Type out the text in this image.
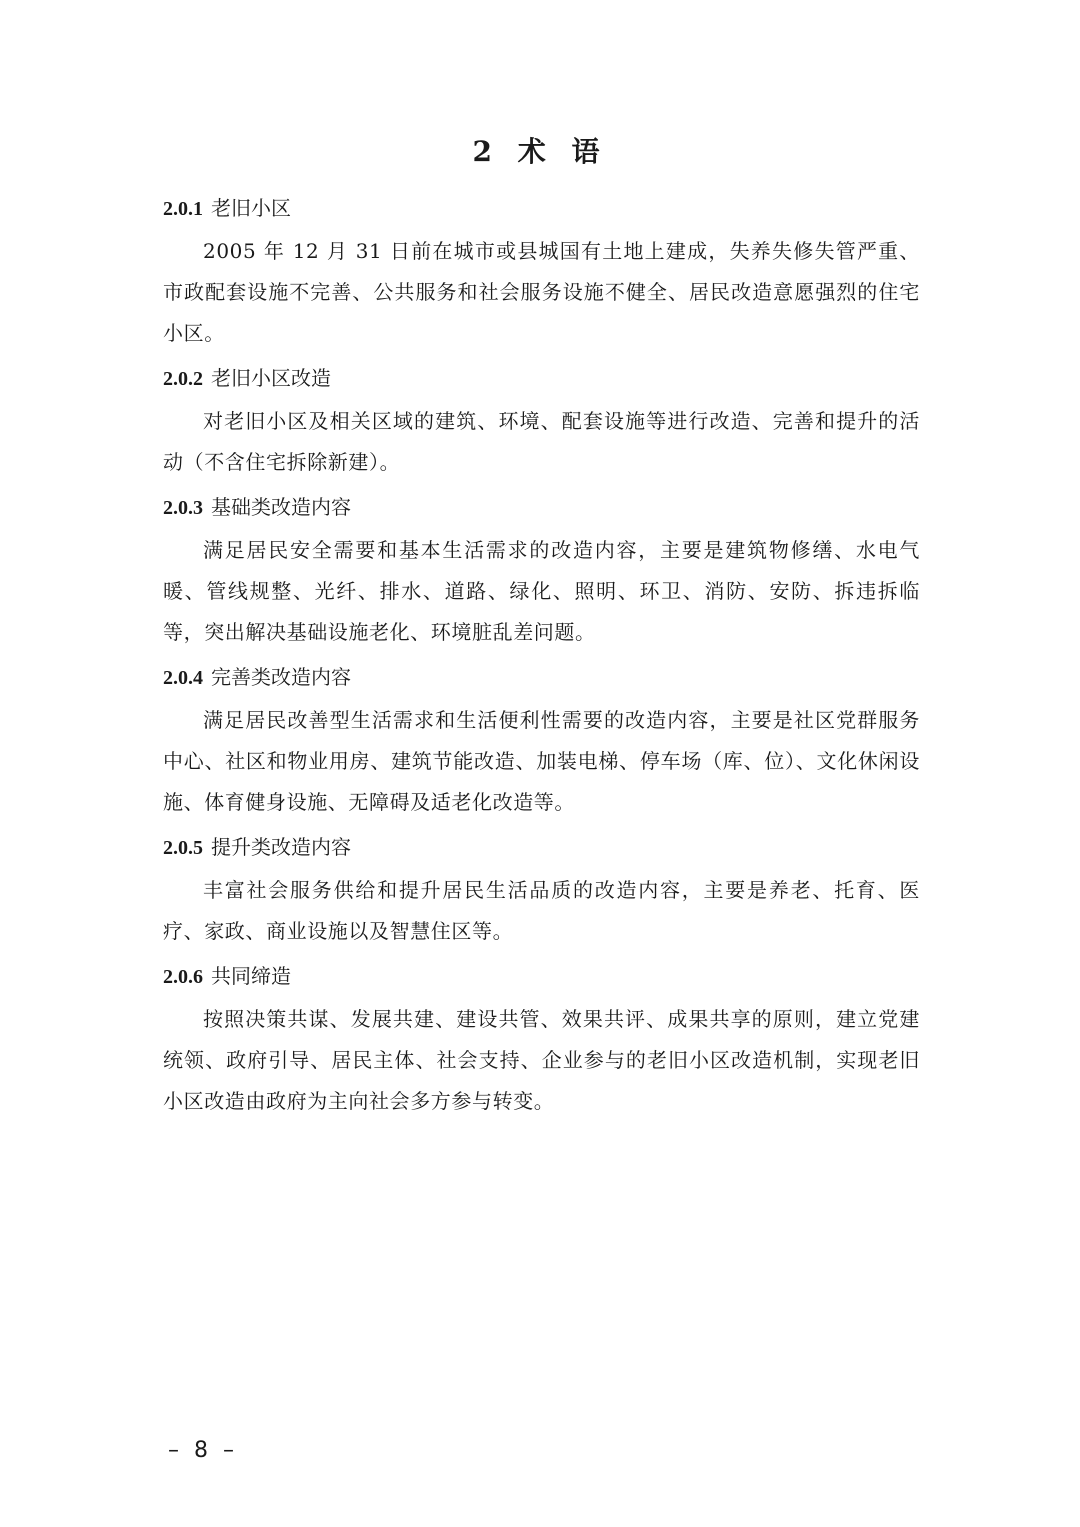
2 术 语

2.0.1 老旧小区

2005 年 12 月 31 日前在城市或县城国有土地上建成，失养失修失管严重、市政配套设施不完善、公共服务和社会服务设施不健全、居民改造意愿强烈的住宅小区。

2.0.2 老旧小区改造

对老旧小区及相关区域的建筑、环境、配套设施等进行改造、完善和提升的活动（不含住宅拆除新建）。

2.0.3 基础类改造内容

满足居民安全需要和基本生活需求的改造内容，主要是建筑物修缮、水电气暖、管线规整、光纤、排水、道路、绿化、照明、环卫、消防、安防、拆违拆临等，突出解决基础设施老化、环境脏乱差问题。

2.0.4 完善类改造内容

满足居民改善型生活需求和生活便利性需要的改造内容，主要是社区党群服务中心、社区和物业用房、建筑节能改造、加装电梯、停车场（库、位）、文化休闲设施、体育健身设施、无障碍及适老化改造等。

2.0.5 提升类改造内容

丰富社会服务供给和提升居民生活品质的改造内容，主要是养老、托育、医疗、家政、商业设施以及智慧住区等。

2.0.6 共同缔造

按照决策共谋、发展共建、建设共管、效果共评、成果共享的原则，建立党建统领、政府引导、居民主体、社会支持、企业参与的老旧小区改造机制，实现老旧小区改造由政府为主向社会多方参与转变。

– 8 –
